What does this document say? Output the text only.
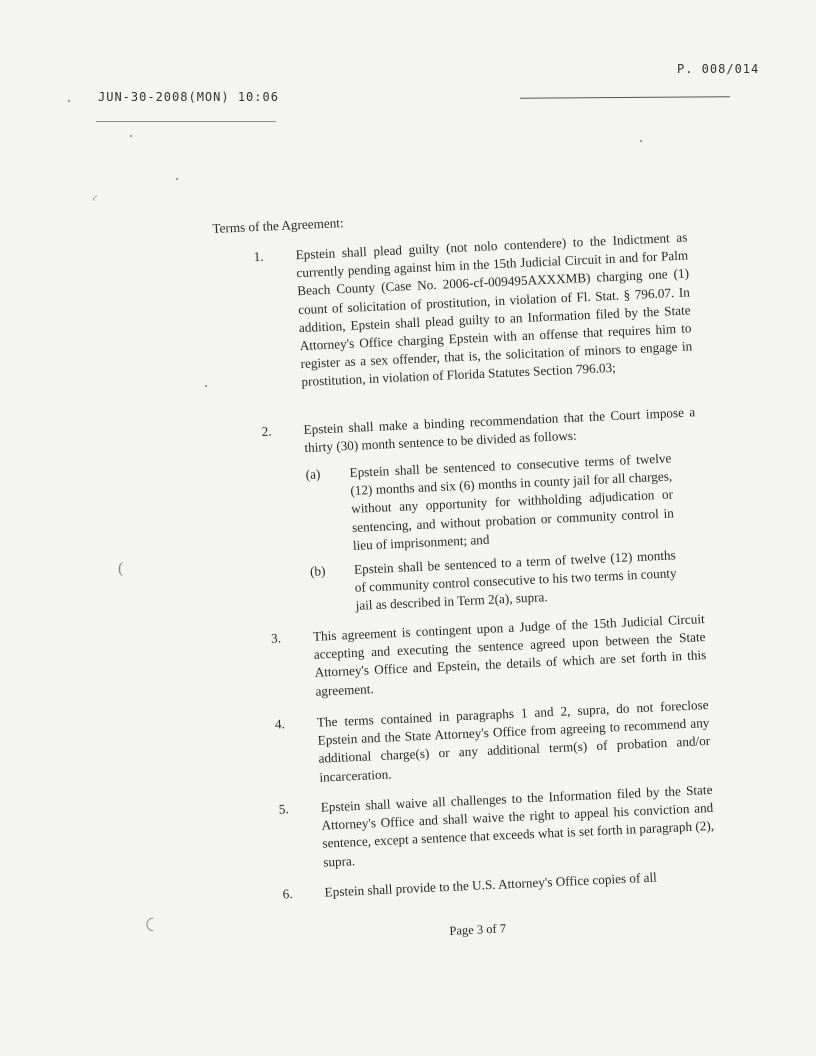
P. 008/014
JUN-30-2008(MON) 10:06
⌐
(
◡
Terms of the Agreement:
1. Epstein shall plead guilty (not nolo contendere) to the Indictment as currently pending against him in the 15th Judicial Circuit in and for Palm Beach County (Case No. 2006-cf-009495AXXXMB) charging one (1) count of solicitation of prostitution, in violation of Fl. Stat. § 796.07. In addition, Epstein shall plead guilty to an Information filed by the State Attorney's Office charging Epstein with an offense that requires him to register as a sex offender, that is, the solicitation of minors to engage in prostitution, in violation of Florida Statutes Section 796.03;
2. Epstein shall make a binding recommendation that the Court impose a thirty (30) month sentence to be divided as follows:
(a) Epstein shall be sentenced to consecutive terms of twelve (12) months and six (6) months in county jail for all charges, without any opportunity for withholding adjudication or sentencing, and without probation or community control in lieu of imprisonment; and
(b) Epstein shall be sentenced to a term of twelve (12) months of community control consecutive to his two terms in county jail as described in Term 2(a), supra.
3. This agreement is contingent upon a Judge of the 15th Judicial Circuit accepting and executing the sentence agreed upon between the State Attorney's Office and Epstein, the details of which are set forth in this agreement.
4. The terms contained in paragraphs 1 and 2, supra, do not foreclose Epstein and the State Attorney's Office from agreeing to recommend any additional charge(s) or any additional term(s) of probation and/or incarceration.
5. Epstein shall waive all challenges to the Information filed by the State Attorney's Office and shall waive the right to appeal his conviction and sentence, except a sentence that exceeds what is set forth in paragraph (2), supra.
6. Epstein shall provide to the U.S. Attorney's Office copies of all
Page 3 of 7
